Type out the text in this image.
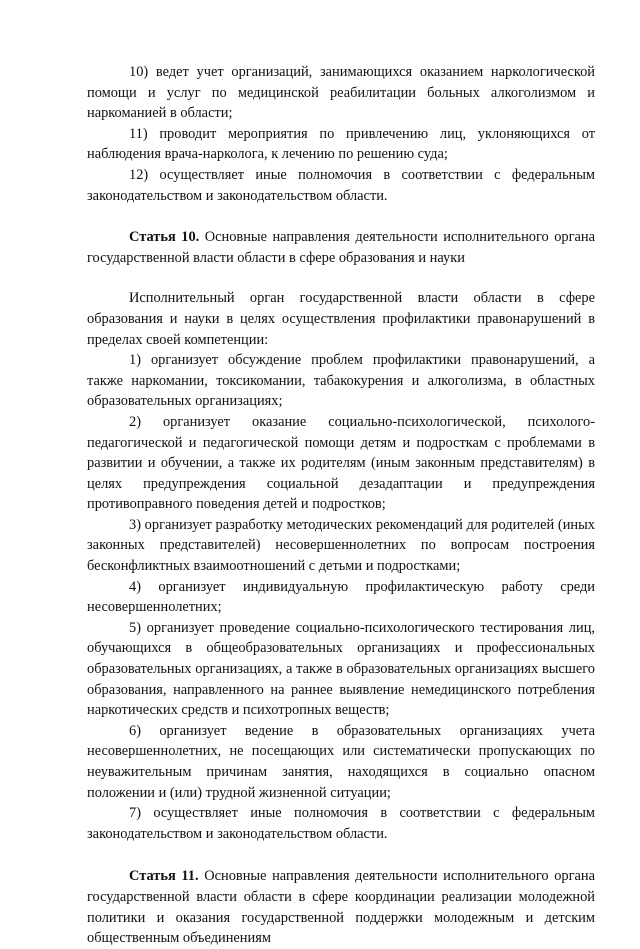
10) ведет учет организаций, занимающихся оказанием наркологической помощи и услуг по медицинской реабилитации больных алкоголизмом и наркоманией в области;

11) проводит мероприятия по привлечению лиц, уклоняющихся от наблюдения врача-нарколога, к лечению по решению суда;

12) осуществляет иные полномочия в соответствии с федеральным законодательством и законодательством области.

Статья 10. Основные направления деятельности исполнительного органа государственной власти области в сфере образования и науки

Исполнительный орган государственной власти области в сфере образования и науки в целях осуществления профилактики правонарушений в пределах своей компетенции:

1) организует обсуждение проблем профилактики правонарушений, а также наркомании, токсикомании, табакокурения и алкоголизма, в областных образовательных организациях;

2) организует оказание социально-психологической, психолого-педагогической и педагогической помощи детям и подросткам с проблемами в развитии и обучении, а также их родителям (иным законным представителям) в целях предупреждения социальной дезадаптации и предупреждения противоправного поведения детей и подростков;

3) организует разработку методических рекомендаций для родителей (иных законных представителей) несовершеннолетних по вопросам построения бесконфликтных взаимоотношений с детьми и подростками;

4) организует индивидуальную профилактическую работу среди несовершеннолетних;

5) организует проведение социально-психологического тестирования лиц, обучающихся в общеобразовательных организациях и профессиональных образовательных организациях, а также в образовательных организациях высшего образования, направленного на раннее выявление немедицинского потребления наркотических средств и психотропных веществ;

6) организует ведение в образовательных организациях учета несовершеннолетних, не посещающих или систематически пропускающих по неуважительным причинам занятия, находящихся в социально опасном положении и (или) трудной жизненной ситуации;

7) осуществляет иные полномочия в соответствии с федеральным законодательством и законодательством области.

Статья 11. Основные направления деятельности исполнительного органа государственной власти области в сфере координации реализации молодежной политики и оказания государственной поддержки молодежным и детским общественным объединениям
